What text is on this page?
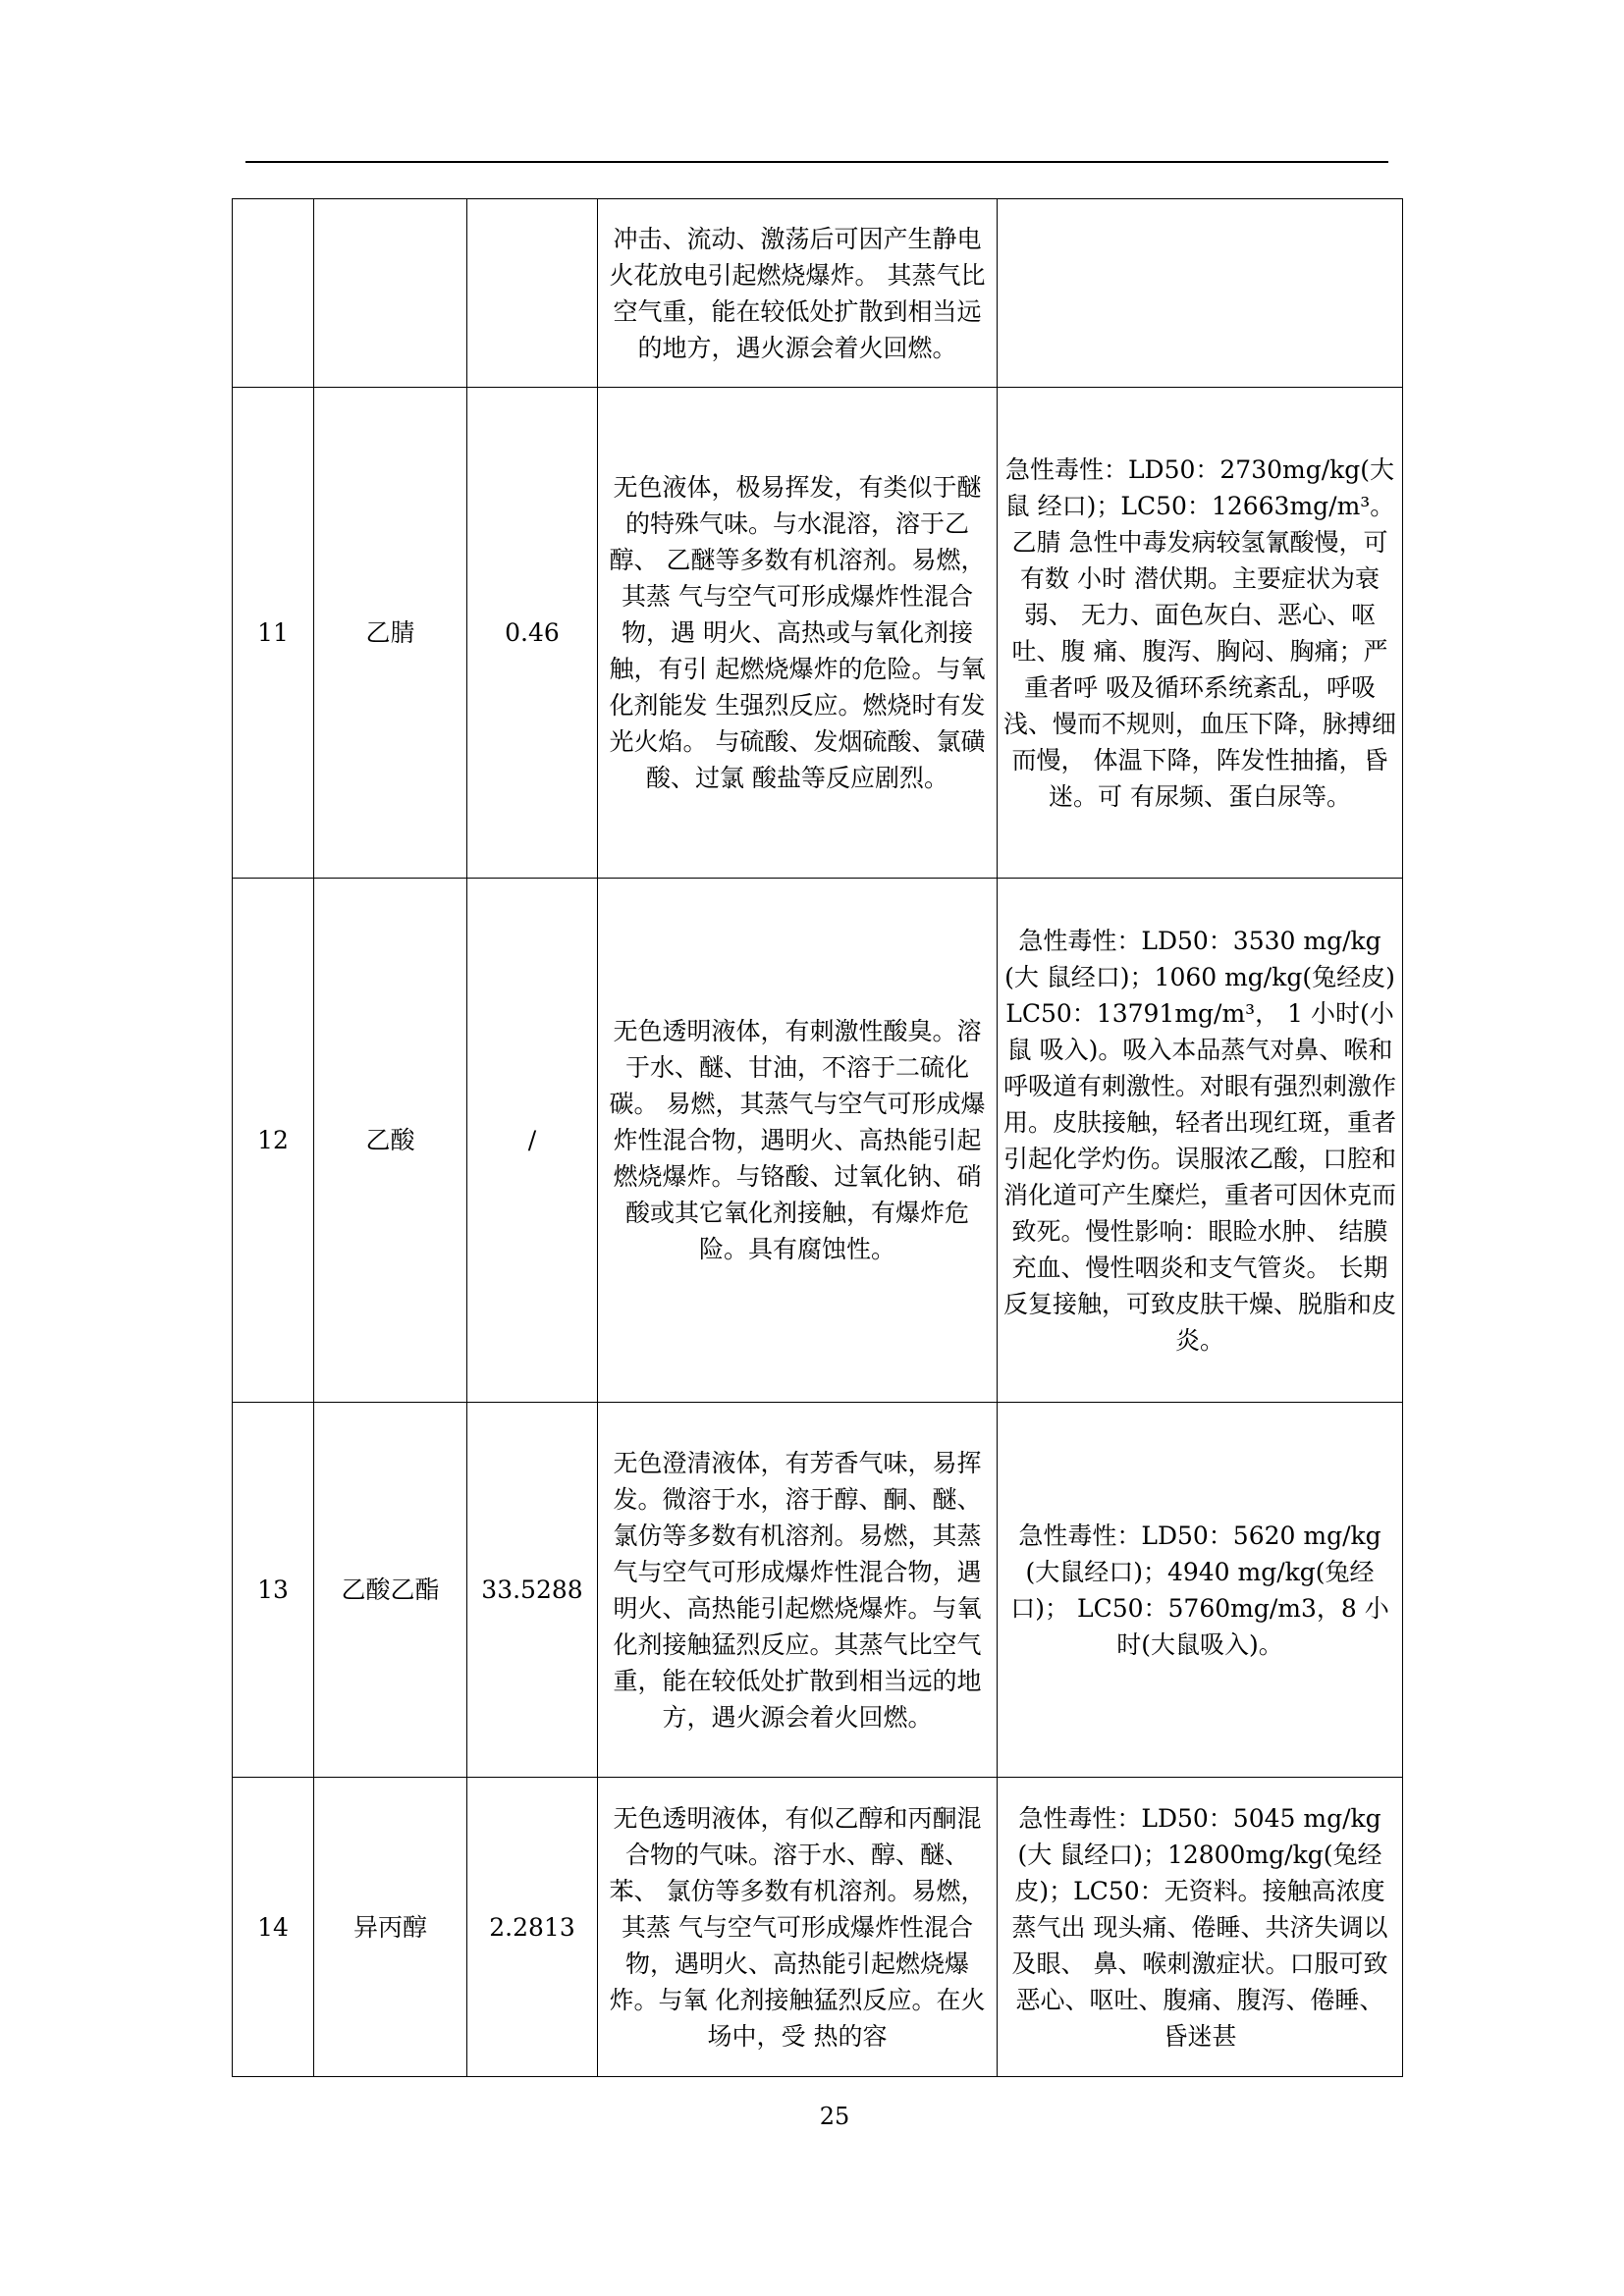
			冲击、流动、激荡后可因产生静电火花放电引起燃烧爆炸。 其蒸气比空气重，能在较低处扩散到相当远的地方，遇火源会着火回燃。	
11	乙腈	0.46	无色液体，极易挥发，有类似于醚 的特殊气味。与水混溶，溶于乙醇、 乙醚等多数有机溶剂。易燃，其蒸 气与空气可形成爆炸性混合物，遇 明火、高热或与氧化剂接触，有引 起燃烧爆炸的危险。与氧化剂能发 生强烈反应。燃烧时有发光火焰。 与硫酸、发烟硫酸、氯磺酸、过氯 酸盐等反应剧烈。	急性毒性：LD50：2730mg/kg(大鼠 经口)；LC50：12663mg/m³。乙腈 急性中毒发病较氢氰酸慢，可有数 小时 潜伏期。主要症状为衰弱、 无力、面色灰白、恶心、呕吐、腹 痛、腹泻、胸闷、胸痛；严重者呼 吸及循环系统紊乱，呼吸浅、慢而不规则，血压下降，脉搏细而慢， 体温下降，阵发性抽搐，昏迷。可 有尿频、蛋白尿等。
12	乙酸	/	无色透明液体，有刺激性酸臭。溶于水、醚、甘油，不溶于二硫化碳。 易燃，其蒸气与空气可形成爆炸性混合物，遇明火、高热能引起燃烧爆炸。与铬酸、过氧化钠、硝酸或其它氧化剂接触，有爆炸危险。具有腐蚀性。	急性毒性：LD50：3530 mg/kg(大 鼠经口)；1060 mg/kg(兔经皮) LC50：13791mg/m³， 1 小时(小鼠 吸入)。吸入本品蒸气对鼻、喉和呼吸道有刺激性。对眼有强烈刺激作用。皮肤接触，轻者出现红斑，重者引起化学灼伤。误服浓乙酸，口腔和消化道可产生糜烂，重者可因休克而致死。慢性影响：眼睑水肿、 结膜充血、慢性咽炎和支气管炎。 长期反复接触，可致皮肤干燥、脱脂和皮炎。
13	乙酸乙酯	33.5288	无色澄清液体，有芳香气味，易挥发。微溶于水，溶于醇、酮、醚、 氯仿等多数有机溶剂。易燃，其蒸气与空气可形成爆炸性混合物，遇 明火、高热能引起燃烧爆炸。与氧化剂接触猛烈反应。其蒸气比空气重，能在较低处扩散到相当远的地方，遇火源会着火回燃。	急性毒性：LD50：5620 mg/kg(大鼠经口)；4940 mg/kg(兔经口)； LC50：5760mg/m3，8 小时(大鼠吸入)。
14	异丙醇	2.2813	无色透明液体，有似乙醇和丙酮混 合物的气味。溶于水、醇、醚、苯、 氯仿等多数有机溶剂。易燃，其蒸 气与空气可形成爆炸性混合物，遇明火、高热能引起燃烧爆炸。与氧 化剂接触猛烈反应。在火场中，受 热的容	急性毒性：LD50：5045 mg/kg(大 鼠经口)；12800mg/kg(兔经皮)；LC50：无资料。接触高浓度蒸气出 现头痛、倦睡、共济失调以及眼、 鼻、喉刺激症状。口服可致 恶心、呕吐、腹痛、腹泻、倦睡、 昏迷甚
25
